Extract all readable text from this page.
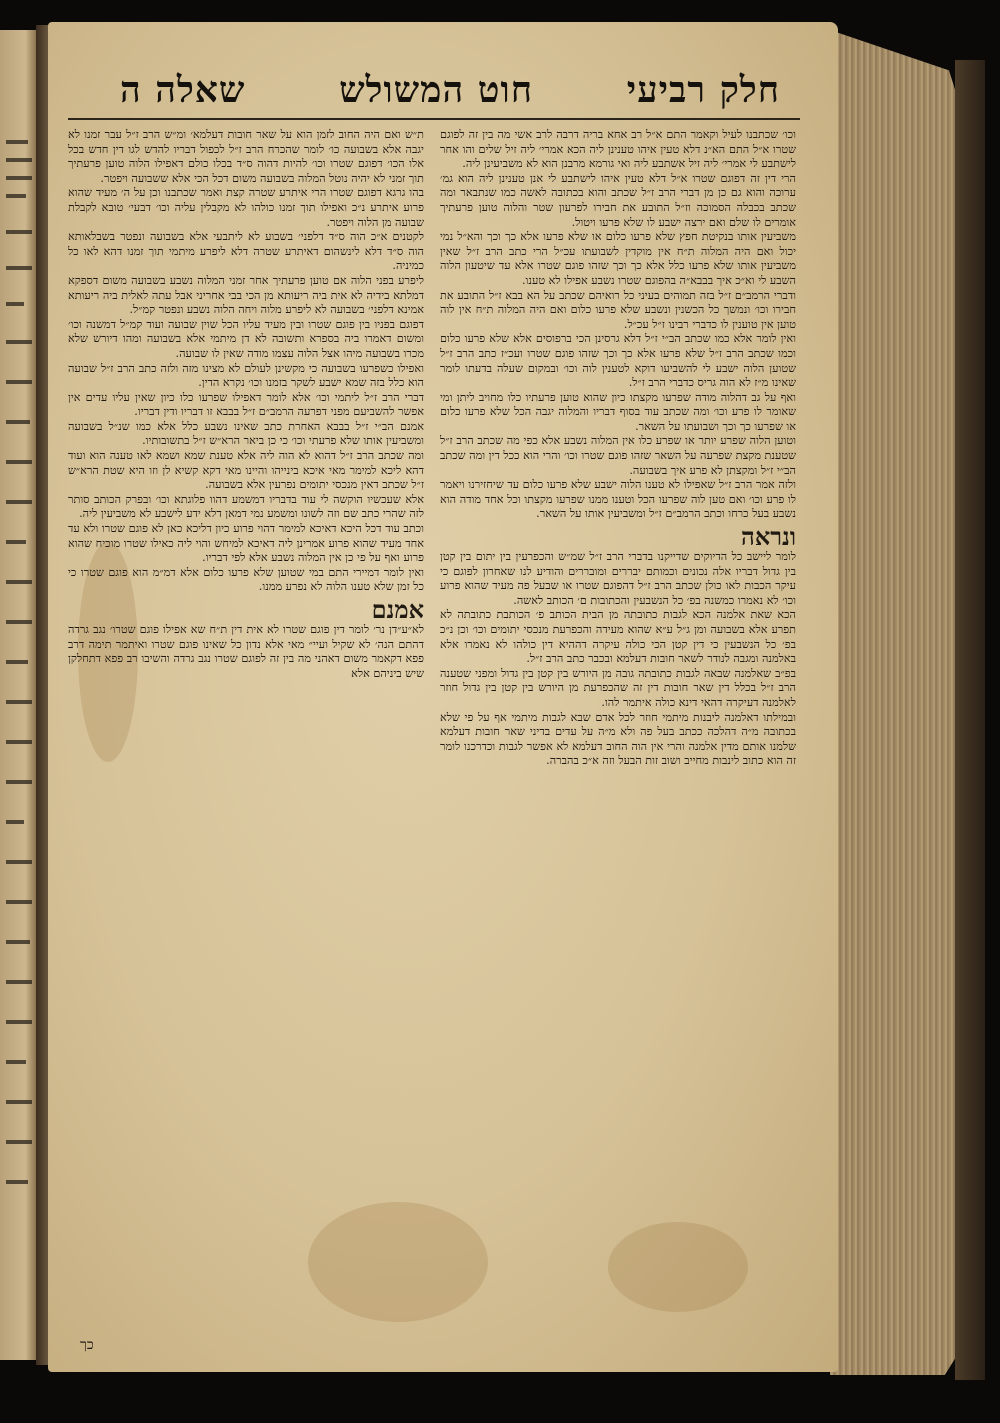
חלק רביעי
חוט המשולש
שאלה ה

וכו׳ שכתבנו לעיל וקאמר התם א״ל רב אחא בריה דרבה לרב אשי מה בין זה לפוגם שטרו א״ל התם הא״נ דלא טעין איהו טענינן ליה הכא אמרי׳ ליה זיל שלים והו אחר לישתבע לי אמרי׳ ליה זיל אשתבע ליה ואי גורמא מרבנן הוא לא משביעינן ליה.

הרי דין זה דפוגם שטרו א״ל דלא טעין איהו לישתבע לי אנן טענינן ליה הוא גמ׳ ערוכה והוא גם כן מן דברי הרב ז״ל שכתב והוא בכתובה לאשה כמו שנתבאר ומה שכתב בכבלה הסמוכה וז״ל התובע את חבירו לפרעון שטר והלוה טוען פרעתיך אומרים לו שלם ואם ירצה ישבע לו שלא פרעו ויטול.

משביעין אותו בנקיטת חפץ שלא פרעו כלום או שלא פרעו אלא כך וכך והא״ל נמי יכול ואם היה המלוה ת״ח אין מוקדין לשבועתו עכ״ל הרי כתב הרב ז״ל שאין משביעין אותו שלא פרעו כלל אלא כך וכך שזהו פוגם שטרו אלא עד שיטעון הלוה השבע לי וא״כ איך בבבא״ה בהפוגם שטרו נשבע אפילו לא טענו.

ודברי הרמב״ם ז״ל בזה תמוהים בעיני כל רואיהם שכתב על הא בבא ז״ל התובע את חבירו וכו׳ ונמשך כל הכשנין ונשבע שלא פרעו כלום ואם היה המלוה ת״ח אין לוה טוען אין טוענין לו כדברי רבינו ז״ל עכ״ל.

ואין לומר אלא כמו שכתב הב״י ז״ל דלא גרסינן הכי ברפוסים אלא שלא פרעו כלום וכמו שכתב הרב ז״ל שלא פרעו אלא כך וכך שזהו פוגם שטרו ועכ״ז כתב הרב ז״ל שטוען הלוה ישבע לי להשביעו דוקא לטענין לוה וכו׳ ובמקום שעלה בדעתו לומר שאינו מ״ז לא הוה גריס כדברי הרב ז״ל.

ואף על גב דהלוה מודה שפרעו מקצתו כיון שהוא טוען פרעתיו כלו מחויב ליתן ומי שאומר לו פרע וכו׳ ומה שכתב עוד בסוף דבריו והמלוה יגבה הכל שלא פרעו כלום או שפרעו כך וכך ושבועתו על השאר.

וטוען הלוה שפרע יותר או שפרע כלו אין המלוה נשבע אלא כפי מה שכתב הרב ז״ל שטענת מקצת שפרעה על השאר שזהו פוגם שטרו וכו׳ והרי הוא ככל דין ומה שכתב הב״י ז״ל ומקצתן לא פרע איך בשבועה.

ולזה אמר הרב ז״ל שאפילו לא טענו הלוה ישבע שלא פרעו כלום עד שיחזירנו ויאמר לו פרע וכו׳ ואם טען לוה שפרעו הכל וטענו ממנו שפרעו מקצתו וכל אחד מודה הוא נשבע בעל כרחו וכתב הרמב״ם ז״ל ומשביעין אותו על השאר.

ונראה

לומר ליישב כל הדיוקים שדייקנו בדברי הרב ז״ל שמ״ש והכפרעין בין יתום בין קטן בין גדול דבריו אלה נכונים וכמותם יבררים ומובררים והודיע לנו שאחרון לפוגם כי עיקר הכבות לאו כולן שכתב הרב ז״ל דהפוגם שטרו או שבעל פה מעיד שהוא פרוע וכו׳ לא נאמרו כמשנה בפ׳ כל הנשבעין והכתובות ם׳ הכותב לאשה.

הכא שאת אלמנה הכא לגבות כתובתה מן הבית הכותב פ׳ הכותבת כתובתה לא תפרע אלא בשבועה ומן ג״ל ע״א שהוא מעידה והכפרעת מנכסי יתומים וכו׳ וכן נ״כ בפ׳ כל הנשבעין כי דין קטן הכי כולה עיקרה דההיא דין כולהו לא נאמרו אלא באלמנה ומגבה לנודר לשאר חובות דעלמא ובכבר כתב הרב ז״ל.

בפ״ב שאלמנה שבאה לגבות כתובתה גובה מן היורש בין קטן בין גדול ומפני שטענה הרב ז״ל בכלל דין שאר חובות דין זה שהכפרעת מן היורש בין קטן בין גדול חוזר לאלמנה דעיקרה דהאי דינא כולה איתמר להו.

ובמילתו דאלמנה ליבנות מיתמי חוזר לכל אדם שבא לגבות מיתמי אף על פי שלא בכתובה מ״ה דהלכה ככתב בעל פה ולא מ״ה על עדים בדיני שאר חובות דעלמא שלמנו אותם מדין אלמנה והרי אין הוה החוב דעלמא לא אפשר לגבות וכדרכנו לומר זה הוא כתוב לינבות מחייב ושוב זות הבעל וזה א״כ בהברה.

ת״ש ואם היה החוב לזמן הוא על שאר חובות דעלמא׳ ומ״ש הרב ז״ל עבר זמנו לא יגבה אלא בשבועה כו׳ לומר שהכרח הרב ז״ל לכפול דבריו להדש לגו דין חדש בכל אלו הכו׳ דפוגם שטרו וכו׳ להיות דהוה ס״ד בכלו כולם דאפילו הלוה טוען פרעתיך תוך זמני לא יהיה נוטל המלוה בשבועה משום דכל הכי אלא ששבועה ויפטר.

בהו גרגא דפוגם שטרו הרי איתרע שטרה קצת ואמר שכתבנו וכן על ה׳ מעיד שהוא פרוע איתרע נ״כ ואפילו תוך זמנו כולהו לא מקבלין עליה וכו׳ דבעי׳ טובא לקבלת שבועה מן הלוה ויפטר.

לקטנים א״כ הוה ס״ד דלפני׳ בשבוע לא ליתבעי אלא בשבועה ונפטר בשבלאותא הוה ס״ד דלא לינשהום דאיתרע שטרה דלא ליפרע מיתמי תוך זמנו דהא לאו כל כמיניה.

ליפרע בפני הלוה אם טוען פרעתיך אחר זמני המלוה נשבע בשבועה משום דספקא דמלתא בידיה לא אית ביה ריעותא מן הכי בבי אחריני אבל עתה לאלית ביה ריעותא אמינא דלפני׳ בשבועה לא ליפרע מלוה ויחה הלוה נשבע ונפטר קמ״ל.

דפוגם בפניו בין פוגם שטרו ובין מעיד עליו הכל שוין שבועה ועוד קמ״ל דמשנה וכו׳ ומשום דאמרו ביה בספרא ותשובה לא דן מיתמי אלא בשבועה ומהו דיורש שלא מכרו בשבועה מיהו אצל הלוה עצמו מודה שאין לו שבועה.

ואפילו כשפרעו בשבועה כי מקשינן לעולם לא מצינו מזה ולזה כתב הרב ז״ל שבועה הוא כלל בזה שמא ישבע לשקר בזמנו וכו׳ נקרא הדין.

דברי הרב ז״ל ליתמי וכו׳ אלא לומר דאפילו שפרעו כלו כיון שאין עליו עדים אין אפשר להשביעם מפני דפרעה הרמב״ם ז״ל בבבא זו דבריו ודין דבריו.

אמנם הב״י ז״ל בבבא האחרת כתב שאינו נשבע כלל אלא כמו שנ״ל בשבועה ומשביעין אותו שלא פרעתי וכו׳ כי כן ביאר הרא״ש ז״ל בתשובותיו.

ומה שכתב הרב ז״ל דהוא לא הוה ליה אלא טענת שמא ושמא לאו טענה הוא ועוד דהא ליכא למימר מאי איכא בינייהו והיינו מאי דקא קשיא לן וזו היא שטת הרא״ש ז״ל שכתב דאין מנכסי יתומים נפרעין אלא בשבועה.

אלא שעכשיו הוקשה לי עוד בדבריו דמשמע דהוו פלוגתא וכו׳ ובפרק הכותב סותר לזה שהרי כתב שם וזה לשונו ומשמע נמי דמאן דלא ידע לישבע לא משביעין ליה.

וכתב עוד דכל היכא דאיכא למימר דהוי פרוע כיון דליכא כאן לא פוגם שטרו ולא עד אחד מעיד שהוא פרוע אמרינן ליה דאיכא למיחש והוי ליה כאילו שטרו מוכיח שהוא פרוע ואף על פי כן אין המלוה נשבע אלא לפי דבריו.

ואין לומר דמיירי התם במי שטוען שלא פרעו כלום אלא דמ״מ הוא פוגם שטרו כי כל זמן שלא טענו הלוה לא נפרע ממנו.

אמנם

לא״ע״דן נר׳ לומר דין פוגם שטרו לא אית דין ת״ח שא אפילו פוגם שטרו׳ נגב גרדה דהתם הנה׳ לא שקיל ועיי״ מאי אלא נדון כל שאינו פוגם שטרו ואיתמר תימה דרב פפא דקאמר משום דאהני מה בין זה לפוגם שטרו נגב גרדה והשיבו רב פפא דתחלקן שיש ביניהם אלא

כך
